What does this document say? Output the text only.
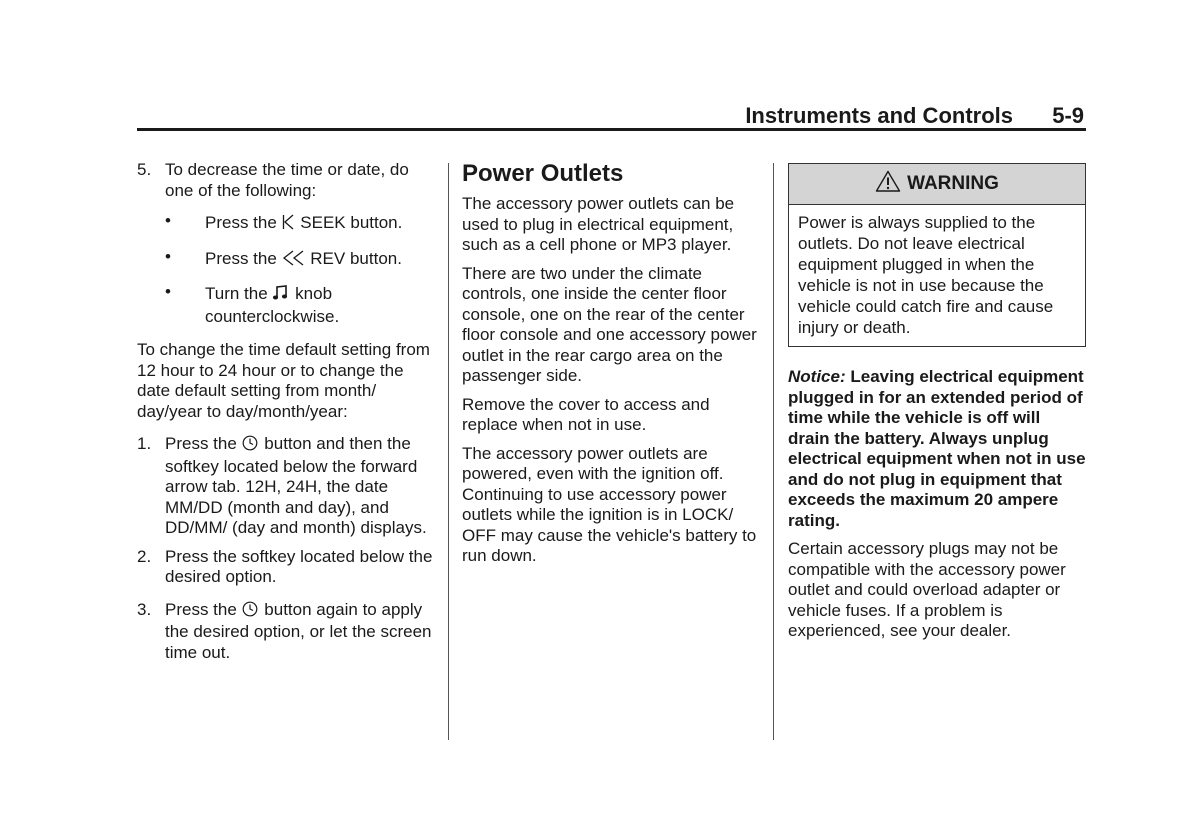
Instruments and Controls 5-9
5. To decrease the time or date, do one of the following:
•	Press the SEEK button.
•	Press the REV button.
•	Turn the knob counterclockwise.

To change the time default setting from 12 hour to 24 hour or to change the date default setting from month/ day/year to day/month/year:

1. Press the button and then the softkey located below the forward arrow tab. 12H, 24H, the date MM/DD (month and day), and DD/MM/ (day and month) displays.
2. Press the softkey located below the desired option.
3. Press the button again to apply the desired option, or let the screen time out.
Power Outlets

The accessory power outlets can be used to plug in electrical equipment, such as a cell phone or MP3 player.

There are two under the climate controls, one inside the center floor console, one on the rear of the center floor console and one accessory power outlet in the rear cargo area on the passenger side.

Remove the cover to access and replace when not in use.

The accessory power outlets are powered, even with the ignition off. Continuing to use accessory power outlets while the ignition is in LOCK/ OFF may cause the vehicle's battery to run down.

WARNING
Power is always supplied to the outlets. Do not leave electrical equipment plugged in when the vehicle is not in use because the vehicle could catch fire and cause injury or death.

Notice: Leaving electrical equipment plugged in for an extended period of time while the vehicle is off will drain the battery. Always unplug electrical equipment when not in use and do not plug in equipment that exceeds the maximum 20 ampere rating.

Certain accessory plugs may not be compatible with the accessory power outlet and could overload adapter or vehicle fuses. If a problem is experienced, see your dealer.
